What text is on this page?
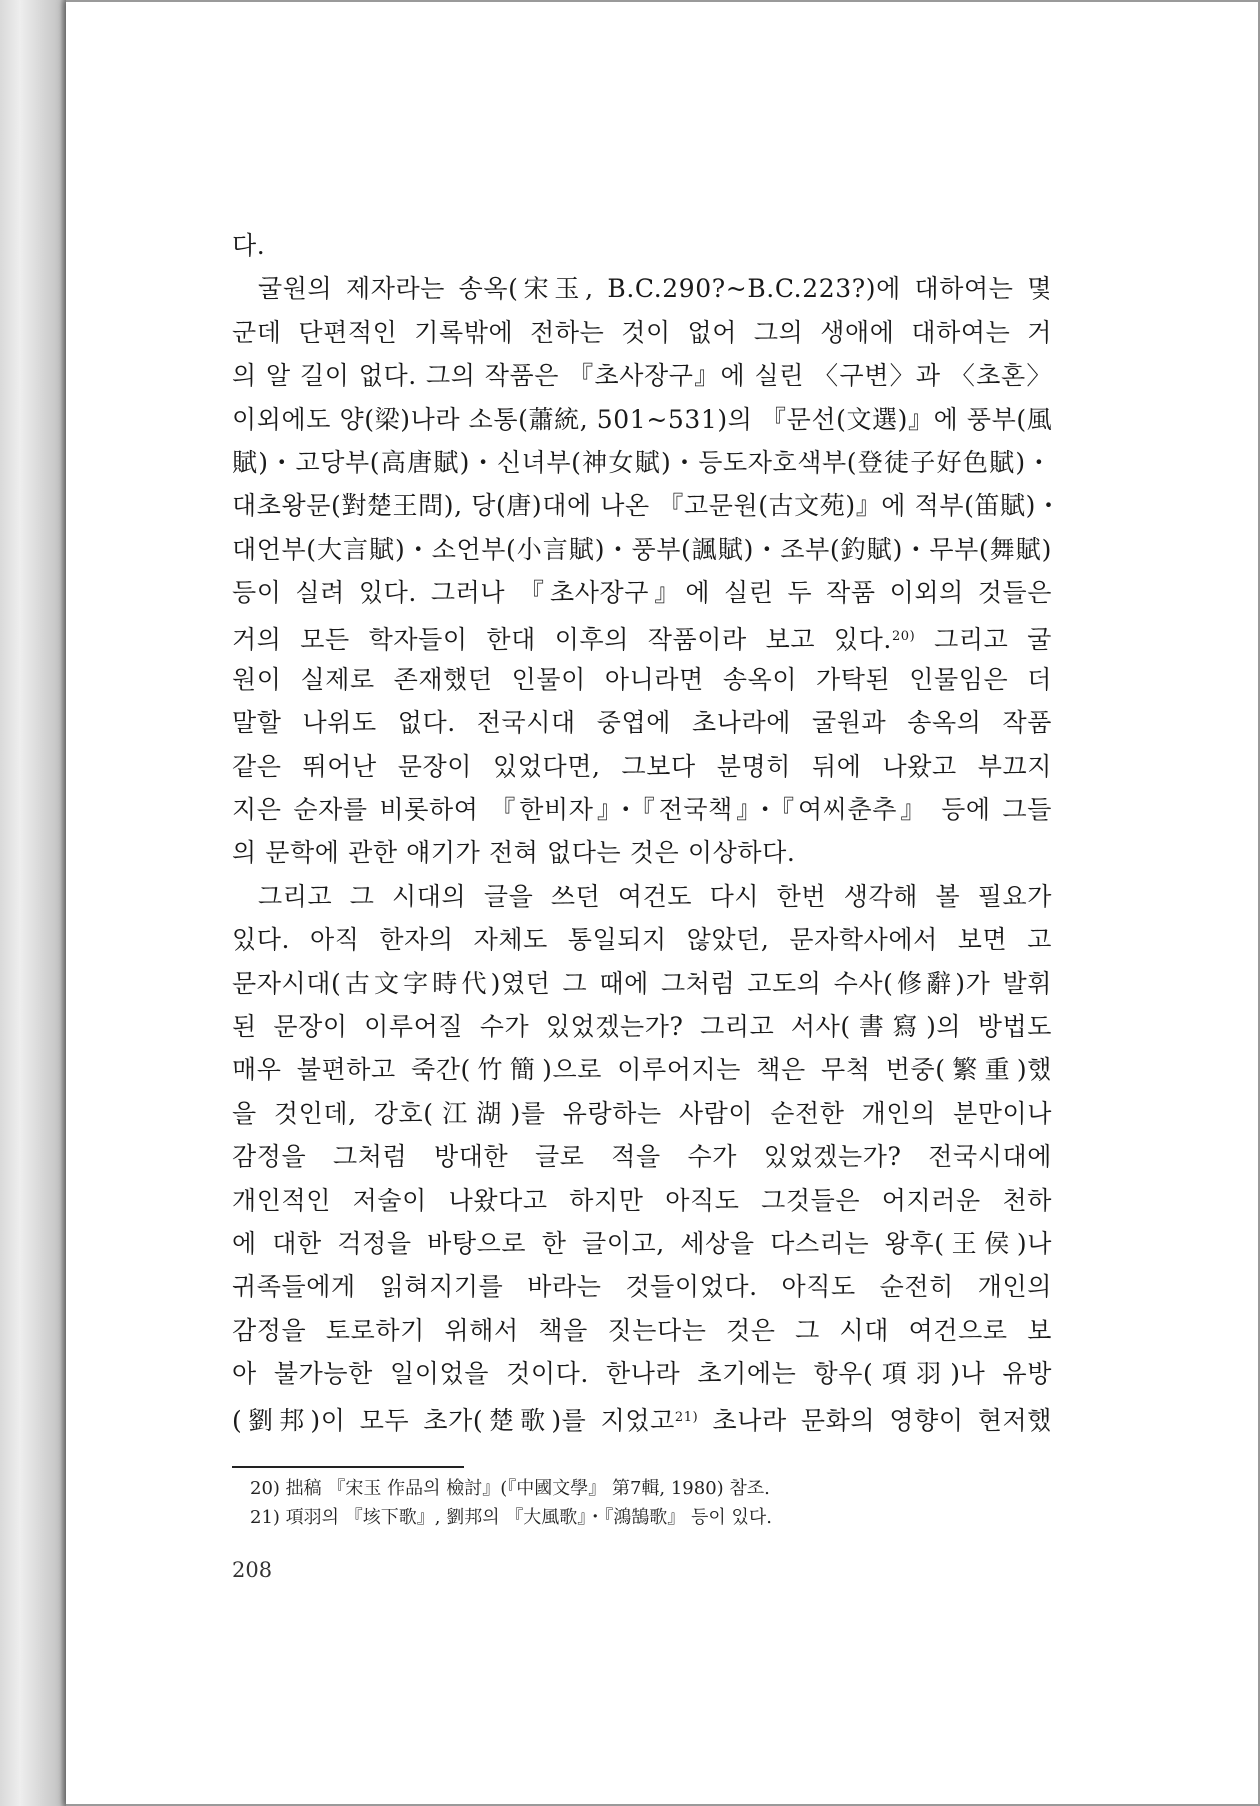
다.
굴원의 제자라는 송옥(宋玉, B.C.290?~B.C.223?)에 대하여는 몇
군데 단편적인 기록밖에 전하는 것이 없어 그의 생애에 대하여는 거
의 알 길이 없다. 그의 작품은 『초사장구』에 실린 〈구변〉과 〈초혼〉
이외에도 양(梁)나라 소통(蕭統, 501~531)의 『문선(文選)』에 풍부(風
賦)・고당부(高唐賦)・신녀부(神女賦)・등도자호색부(登徒子好色賦)・
대초왕문(對楚王問), 당(唐)대에 나온 『고문원(古文苑)』에 적부(笛賦)・
대언부(大言賦)・소언부(小言賦)・풍부(諷賦)・조부(釣賦)・무부(舞賦)
등이 실려 있다. 그러나 『초사장구』에 실린 두 작품 이외의 것들은
거의 모든 학자들이 한대 이후의 작품이라 보고 있다.$^{20)}$ 그리고 굴
원이 실제로 존재했던 인물이 아니라면 송옥이 가탁된 인물임은 더
말할 나위도 없다. 전국시대 중엽에 초나라에 굴원과 송옥의 작품
같은 뛰어난 문장이 있었다면, 그보다 분명히 뒤에 나왔고 부끄지
지은 순자를 비롯하여 『한비자』・『전국책』・『여씨춘추』 등에 그들
의 문학에 관한 얘기가 전혀 없다는 것은 이상하다.
그리고 그 시대의 글을 쓰던 여건도 다시 한번 생각해 볼 필요가
있다. 아직 한자의 자체도 통일되지 않았던, 문자학사에서 보면 고
문자시대(古文字時代)였던 그 때에 그처럼 고도의 수사(修辭)가 발휘
된 문장이 이루어질 수가 있었겠는가? 그리고 서사(書寫)의 방법도
매우 불편하고 죽간(竹簡)으로 이루어지는 책은 무척 번중(繁重)했
을 것인데, 강호(江湖)를 유랑하는 사람이 순전한 개인의 분만이나
감정을 그처럼 방대한 글로 적을 수가 있었겠는가? 전국시대에
개인적인 저술이 나왔다고 하지만 아직도 그것들은 어지러운 천하
에 대한 걱정을 바탕으로 한 글이고, 세상을 다스리는 왕후(王侯)나
귀족들에게 읽혀지기를 바라는 것들이었다. 아직도 순전히 개인의
감정을 토로하기 위해서 책을 짓는다는 것은 그 시대 여건으로 보
아 불가능한 일이었을 것이다. 한나라 초기에는 항우(項羽)나 유방
(劉邦)이 모두 초가(楚歌)를 지었고$^{21)}$ 초나라 문화의 영향이 현저했
20) 拙稿 『宋玉 作品의 檢討』(『中國文學』 第7輯, 1980) 참조.
21) 項羽의 『垓下歌』, 劉邦의 『大風歌』・『鴻鵠歌』 등이 있다.
208
